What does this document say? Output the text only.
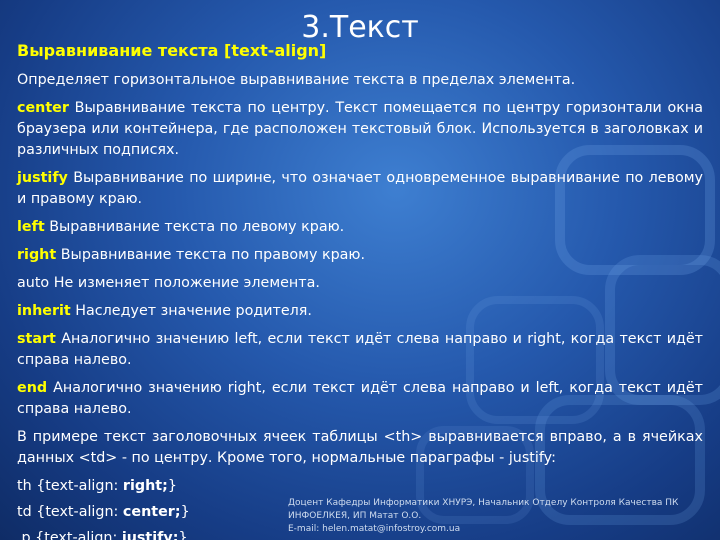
3.Текст
Выравнивание текста [text-align]
Определяет горизонтальное выравнивание текста в пределах элемента.
center Выравнивание текста по центру. Текст помещается по центру горизонтали окна браузера или контейнера, где расположен текстовый блок. Используется в заголовках и различных подписях.
justify Выравнивание по ширине, что означает одновременное выравнивание по левому и правому краю.
left Выравнивание текста по левому краю.
right Выравнивание текста по правому краю.
auto Не изменяет положение элемента.
inherit Наследует значение родителя.
start Аналогично значению left, если текст идёт слева направо и right, когда текст идёт справа налево.
end Аналогично значению right, если текст идёт слева направо и left, когда текст идёт справа налево.
В примере текст заголовочных ячеек таблицы <th> выравнивается вправо, а в ячейках данных <td> - по центру. Кроме того, нормальные параграфы - justify:
th {text-align: right;}
td {text-align: center;}
p {text-align: justify;}
Доцент Кафедры Информатики ХНУРЭ, Начальник Отделу Контроля Качества ПК ИНФОЕЛКЕЯ, ИП Матат О.О.
E-mail: helen.matat@infostroy.com.ua
